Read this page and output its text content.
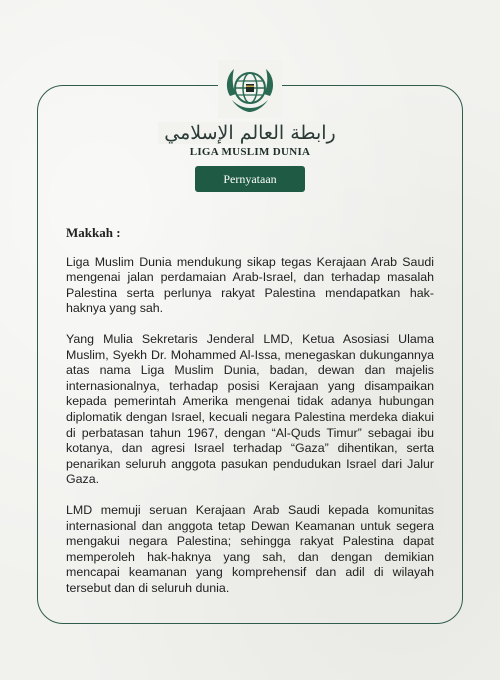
رابطة العالم الإسلامي
LIGA MUSLIM DUNIA
Pernyataan

Makkah :

Liga Muslim Dunia mendukung sikap tegas Kerajaan Arab Saudi mengenai jalan perdamaian Arab-Israel, dan terhadap masalah Palestina serta perlunya rakyat Palestina mendapatkan hak-haknya yang sah.

Yang Mulia Sekretaris Jenderal LMD, Ketua Asosiasi Ulama Muslim, Syekh Dr. Mohammed Al-Issa, menegaskan dukungannya atas nama Liga Muslim Dunia, badan, dewan dan majelis internasionalnya, terhadap posisi Kerajaan yang disampaikan kepada pemerintah Amerika mengenai tidak adanya hubungan diplomatik dengan Israel, kecuali negara Palestina merdeka diakui di perbatasan tahun 1967, dengan “Al-Quds Timur” sebagai ibu kotanya, dan agresi Israel terhadap “Gaza” dihentikan, serta penarikan seluruh anggota pasukan pendudukan Israel dari Jalur Gaza.

LMD memuji seruan Kerajaan Arab Saudi kepada komunitas internasional dan anggota tetap Dewan Keamanan untuk segera mengakui negara Palestina; sehingga rakyat Palestina dapat memperoleh hak-haknya yang sah, dan dengan demikian mencapai keamanan yang komprehensif dan adil di wilayah tersebut dan di seluruh dunia.
